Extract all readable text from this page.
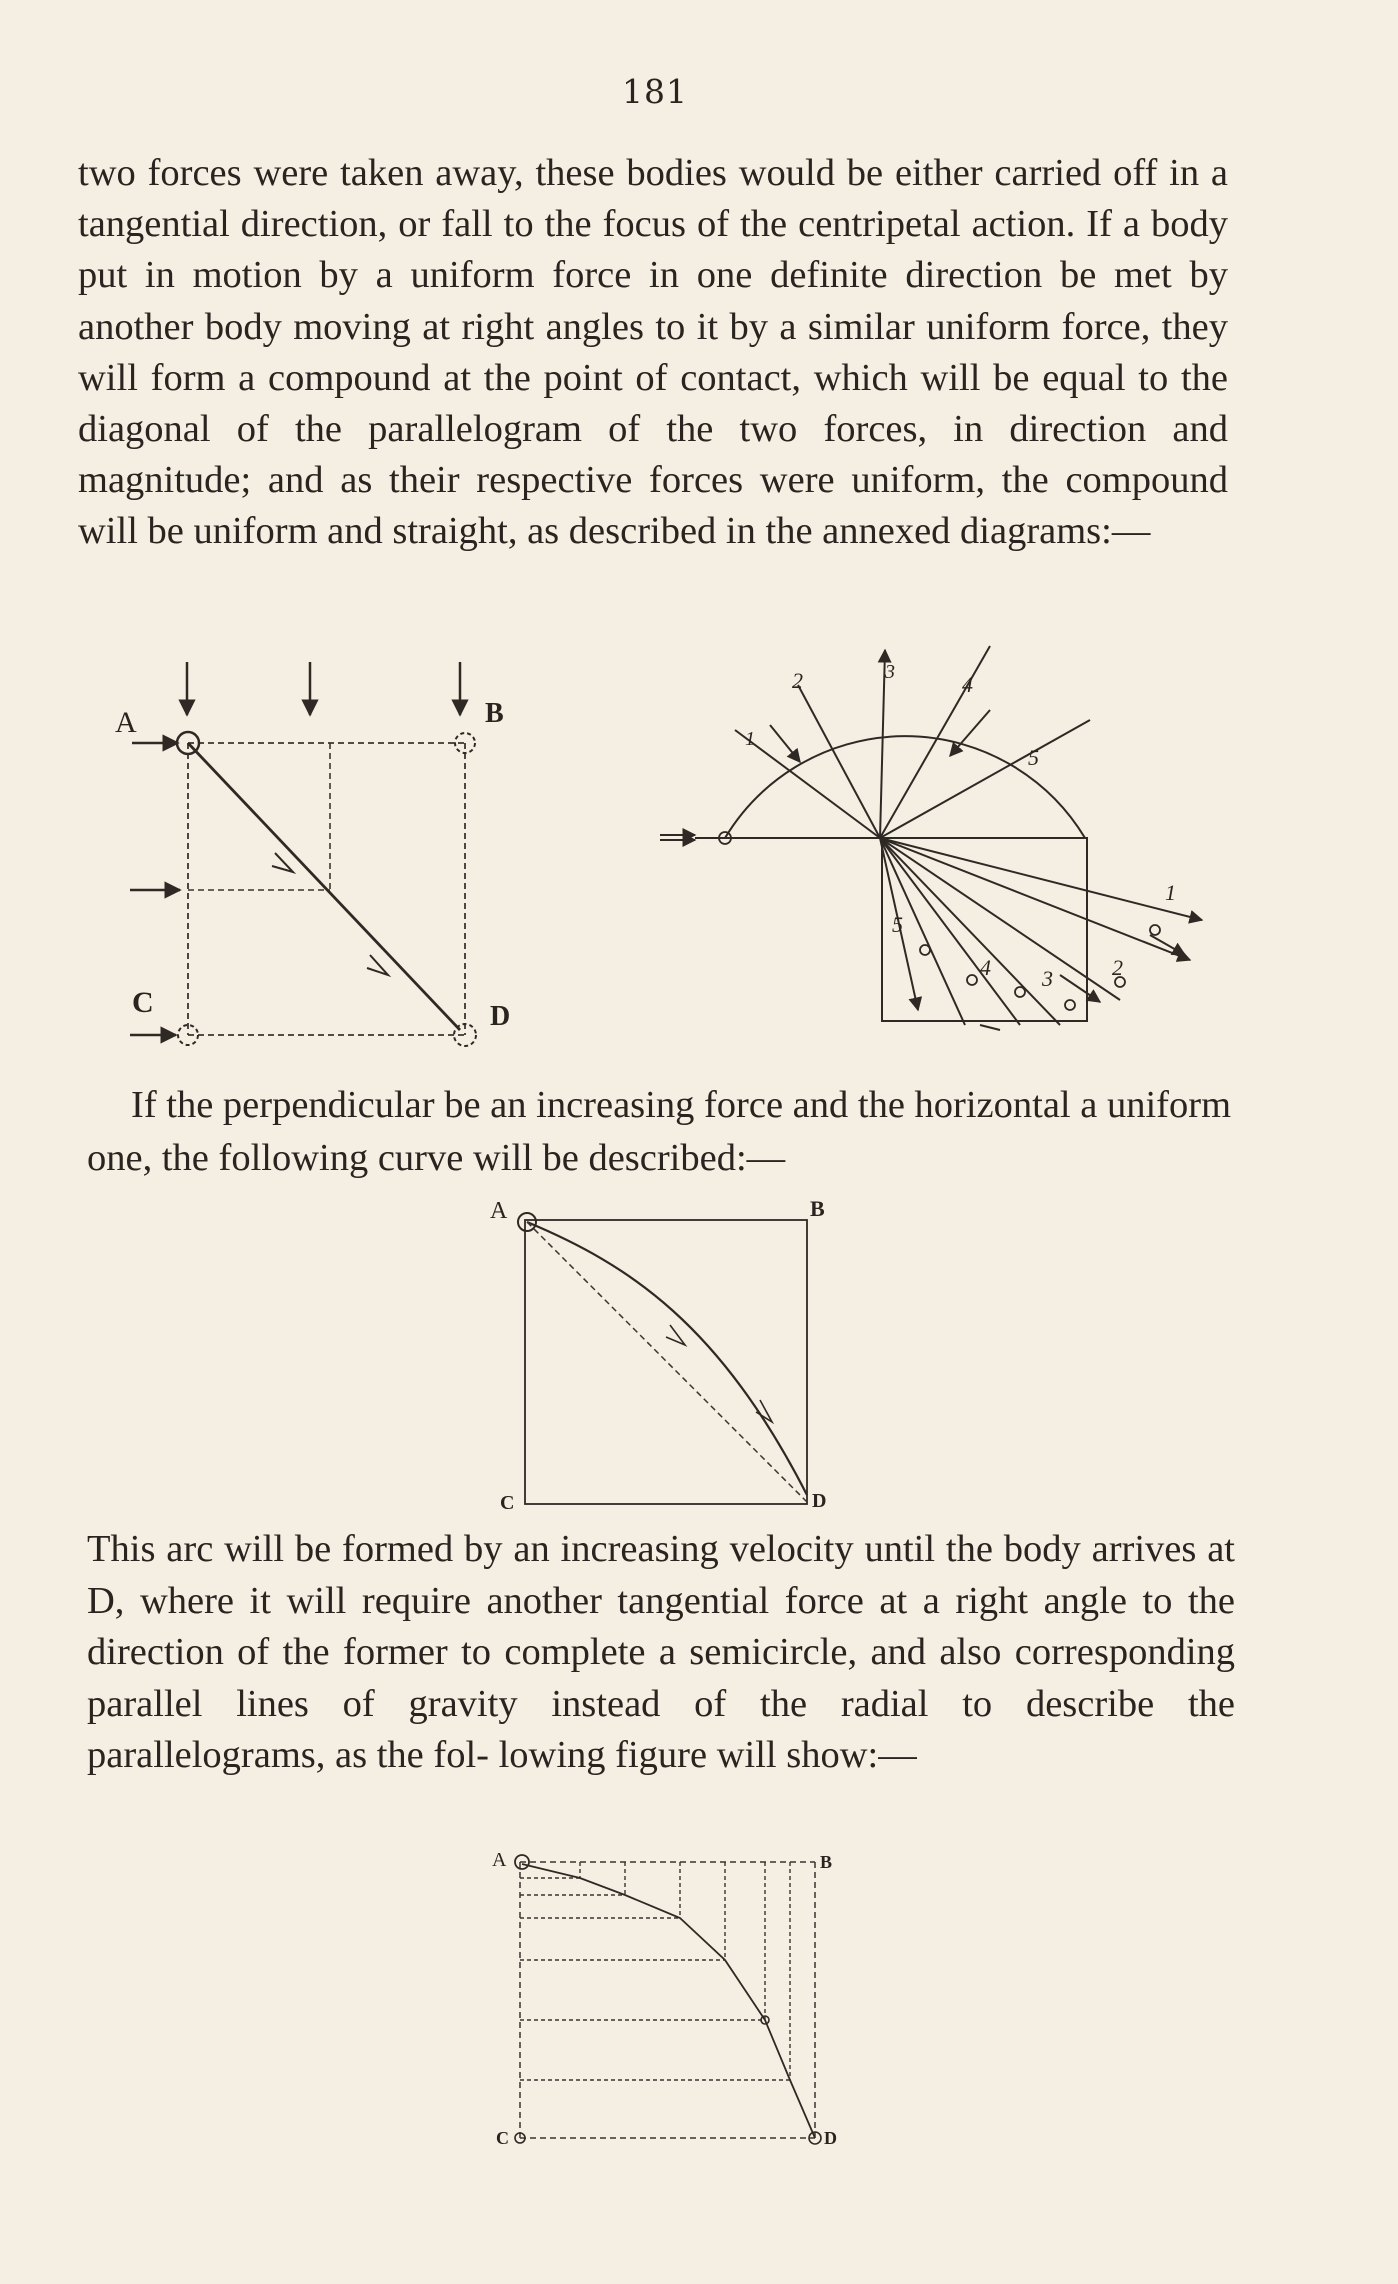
181

two forces were taken away, these bodies would be either carried off in a tangential direction, or fall to the focus of the centripetal action. If a body put in motion by a uniform force in one definite direction be met by another body moving at right angles to it by a similar uniform force, they will form a compound at the point of contact, which will be equal to the diagonal of the parallelogram of the two forces, in direction and magnitude; and as their respective forces were uniform, the compound will be uniform and straight, as described in the annexed diagrams:—

A	B
C	D
1
2	3	4
5
1
2
3
4
5

If the perpendicular be an increasing force and the horizontal a uniform one, the following curve will be described:—

A	B
C	D

This arc will be formed by an increasing velocity until the body arrives at D, where it will require another tangential force at a right angle to the direction of the former to complete a semicircle, and also corresponding parallel lines of gravity instead of the radial to describe the parallelograms, as the fol- lowing figure will show:—

A	B
C	D
